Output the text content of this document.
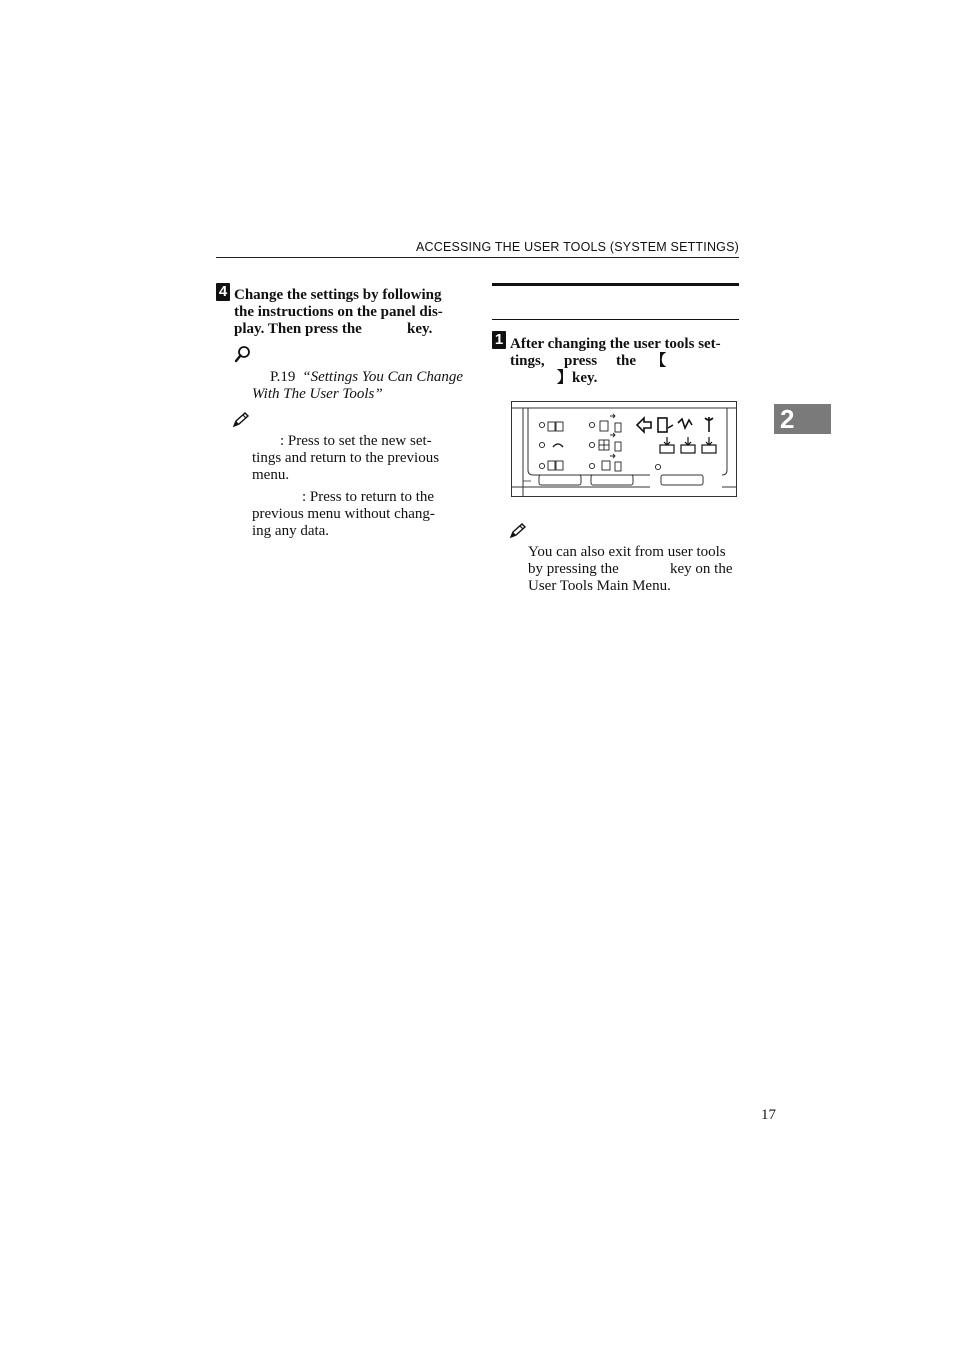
ACCESSING THE USER TOOLS (SYSTEM SETTINGS)
4 Change the settings by following
the instructions on the panel dis-
play. Then press the	key.
P.19 “Settings You Can Change
With The User Tools”
: Press to set the new set-
tings and return to the previous
menu.
: Press to return to the
previous menu without chang-
ing any data.
1 After changing the user tools set-
tings, press the 【
】key.
You can also exit from user tools
by pressing the	key on the
User Tools Main Menu.
2
17
